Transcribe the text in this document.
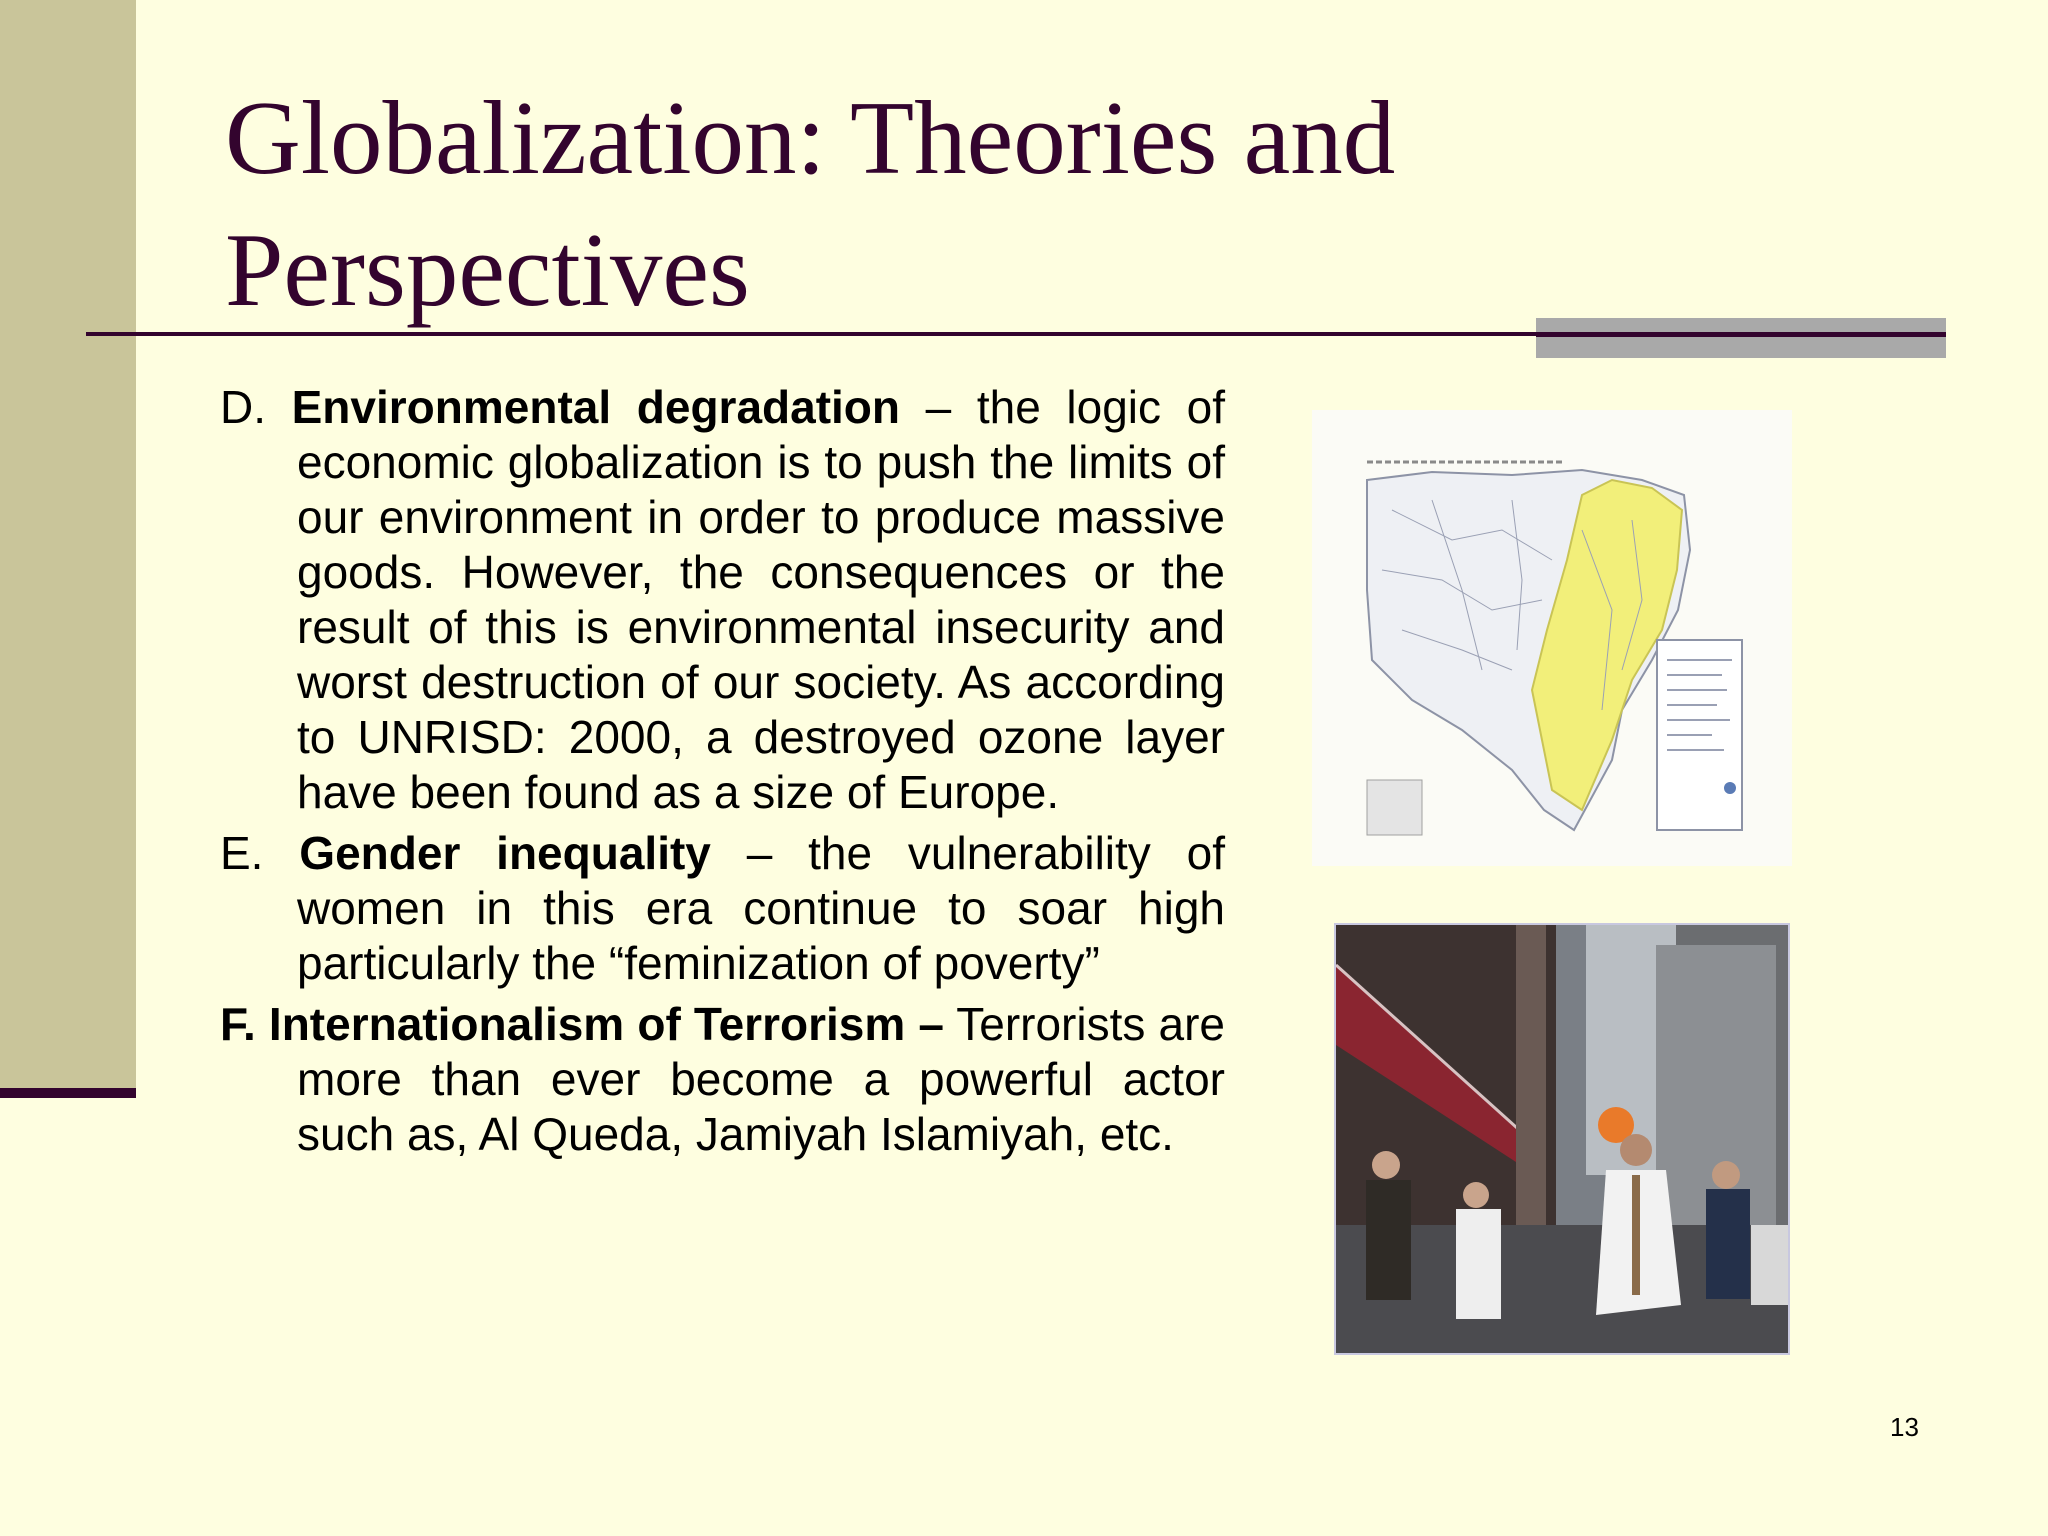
Globalization: Theories and Perspectives

D. Environmental degradation – the logic of economic globalization is to push the limits of our environment in order to produce massive goods. However, the consequences or the result of this is environmental insecurity and worst destruction of our society. As according to UNRISD: 2000, a destroyed ozone layer have been found as a size of Europe.

E. Gender inequality – the vulnerability of women in this era continue to soar high particularly the “feminization of poverty”

F. Internationalism of Terrorism – Terrorists are more than ever become a powerful actor such as, Al Queda, Jamiyah Islamiyah, etc.

13
